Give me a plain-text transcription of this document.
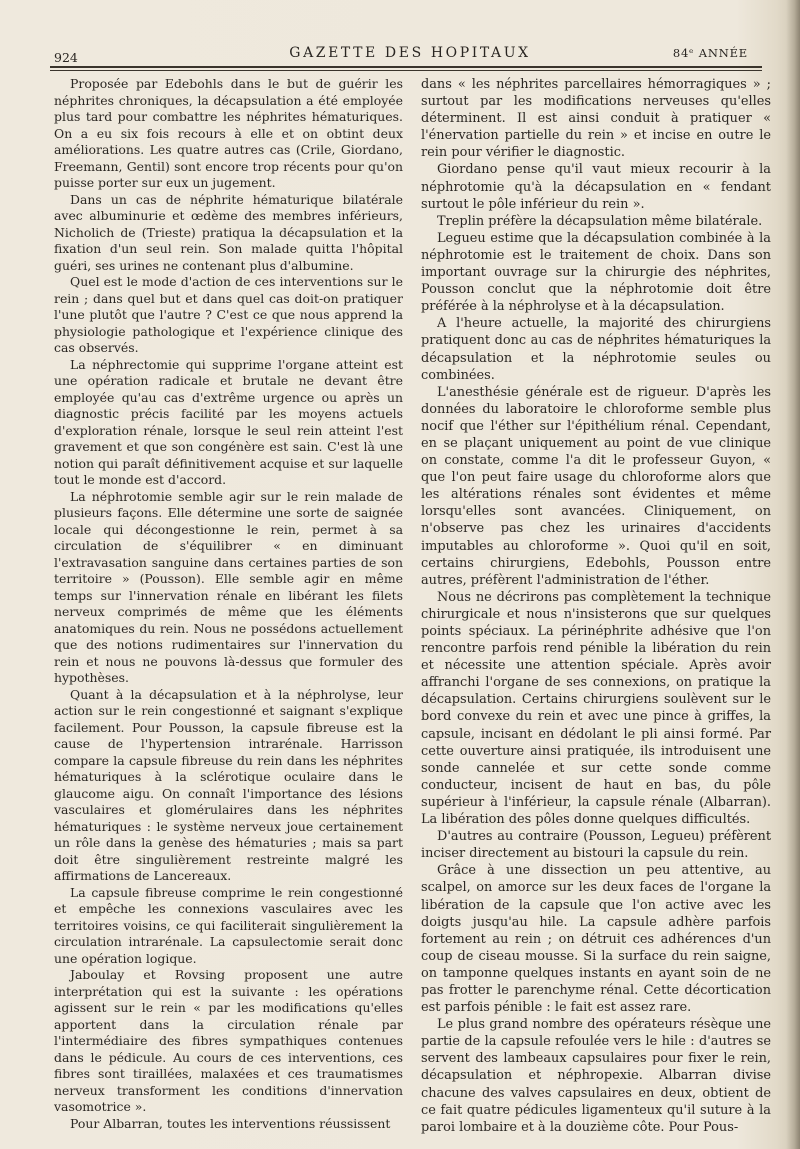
924	GAZETTE DES HOPITAUX	84ᵉ ANNÉE

Proposée par Edebohls dans le but de guérir les néphrites chroniques, la décapsulation a été employée plus tard pour combattre les néphrites hématuriques. On a eu six fois recours à elle et on obtint deux améliorations. Les quatre autres cas (Crile, Giordano, Freemann, Gentil) sont encore trop récents pour qu'on puisse porter sur eux un jugement.

Dans un cas de néphrite hématurique bilatérale avec albuminurie et œdème des membres inférieurs, Nicholich de (Trieste) pratiqua la décapsulation et la fixation d'un seul rein. Son malade quitta l'hôpital guéri, ses urines ne contenant plus d'albumine.

Quel est le mode d'action de ces interventions sur le rein ; dans quel but et dans quel cas doit-on pratiquer l'une plutôt que l'autre ? C'est ce que nous apprend la physiologie pathologique et l'expérience clinique des cas observés.

La néphrectomie qui supprime l'organe atteint est une opération radicale et brutale ne devant être employée qu'au cas d'extrême urgence ou après un diagnostic précis facilité par les moyens actuels d'exploration rénale, lorsque le seul rein atteint l'est gravement et que son congénère est sain. C'est là une notion qui paraît définitivement acquise et sur laquelle tout le monde est d'accord.

La néphrotomie semble agir sur le rein malade de plusieurs façons. Elle détermine une sorte de saignée locale qui décongestionne le rein, permet à sa circulation de s'équilibrer « en diminuant l'extravasation sanguine dans certaines parties de son territoire » (Pousson). Elle semble agir en même temps sur l'innervation rénale en libérant les filets nerveux comprimés de même que les éléments anatomiques du rein. Nous ne possédons actuellement que des notions rudimentaires sur l'innervation du rein et nous ne pouvons là-dessus que formuler des hypothèses.

Quant à la décapsulation et à la néphrolyse, leur action sur le rein congestionné et saignant s'explique facilement. Pour Pousson, la capsule fibreuse est la cause de l'hypertension intrarénale. Harrisson compare la capsule fibreuse du rein dans les néphrites hématuriques à la sclérotique oculaire dans le glaucome aigu. On connaît l'importance des lésions vasculaires et glomérulaires dans les néphrites hématuriques : le système nerveux joue certainement un rôle dans la genèse des hématuries ; mais sa part doit être singulièrement restreinte malgré les affirmations de Lancereaux.

La capsule fibreuse comprime le rein congestionné et empêche les connexions vasculaires avec les territoires voisins, ce qui faciliterait singulièrement la circulation intrarénale. La capsulectomie serait donc une opération logique.

Jaboulay et Rovsing proposent une autre interprétation qui est la suivante : les opérations agissent sur le rein « par les modifications qu'elles apportent dans la circulation rénale par l'intermédiaire des fibres sympathiques contenues dans le pédicule. Au cours de ces interventions, ces fibres sont tiraillées, malaxées et ces traumatismes nerveux transforment les conditions d'innervation vasomotrice ».

Pour Albarran, toutes les interventions réussissent

dans « les néphrites parcellaires hémorragiques » ; surtout par les modifications nerveuses qu'elles déterminent. Il est ainsi conduit à pratiquer « l'énervation partielle du rein » et incise en outre le rein pour vérifier le diagnostic.

Giordano pense qu'il vaut mieux recourir à la néphrotomie qu'à la décapsulation en « fendant surtout le pôle inférieur du rein ».

Treplin préfère la décapsulation même bilatérale.

Legueu estime que la décapsulation combinée à la néphrotomie est le traitement de choix. Dans son important ouvrage sur la chirurgie des néphrites, Pousson conclut que la néphrotomie doit être préférée à la néphrolyse et à la décapsulation.

A l'heure actuelle, la majorité des chirurgiens pratiquent donc au cas de néphrites hématuriques la décapsulation et la néphrotomie seules ou combinées.

L'anesthésie générale est de rigueur. D'après les données du laboratoire le chloroforme semble plus nocif que l'éther sur l'épithélium rénal. Cependant, en se plaçant uniquement au point de vue clinique on constate, comme l'a dit le professeur Guyon, « que l'on peut faire usage du chloroforme alors que les altérations rénales sont évidentes et même lorsqu'elles sont avancées. Cliniquement, on n'observe pas chez les urinaires d'accidents imputables au chloroforme ». Quoi qu'il en soit, certains chirurgiens, Edebohls, Pousson entre autres, préfèrent l'administration de l'éther.

Nous ne décrirons pas complètement la technique chirurgicale et nous n'insisterons que sur quelques points spéciaux. La périnéphrite adhésive que l'on rencontre parfois rend pénible la libération du rein et nécessite une attention spéciale. Après avoir affranchi l'organe de ses connexions, on pratique la décapsulation. Certains chirurgiens soulèvent sur le bord convexe du rein et avec une pince à griffes, la capsule, incisant en dédolant le pli ainsi formé. Par cette ouverture ainsi pratiquée, ils introduisent une sonde cannelée et sur cette sonde comme conducteur, incisent de haut en bas, du pôle supérieur à l'inférieur, la capsule rénale (Albarran). La libération des pôles donne quelques difficultés.

D'autres au contraire (Pousson, Legueu) préfèrent inciser directement au bistouri la capsule du rein.

Grâce à une dissection un peu attentive, au scalpel, on amorce sur les deux faces de l'organe la libération de la capsule que l'on active avec les doigts jusqu'au hile. La capsule adhère parfois fortement au rein ; on détruit ces adhérences d'un coup de ciseau mousse. Si la surface du rein saigne, on tamponne quelques instants en ayant soin de ne pas frotter le parenchyme rénal. Cette décortication est parfois pénible : le fait est assez rare.

Le plus grand nombre des opérateurs résèque une partie de la capsule refoulée vers le hile : d'autres se servent des lambeaux capsulaires pour fixer le rein, décapsulation et néphropexie. Albarran divise chacune des valves capsulaires en deux, obtient de ce fait quatre pédicules ligamenteux qu'il suture à la paroi lombaire et à la douzième côte. Pour Pous-
